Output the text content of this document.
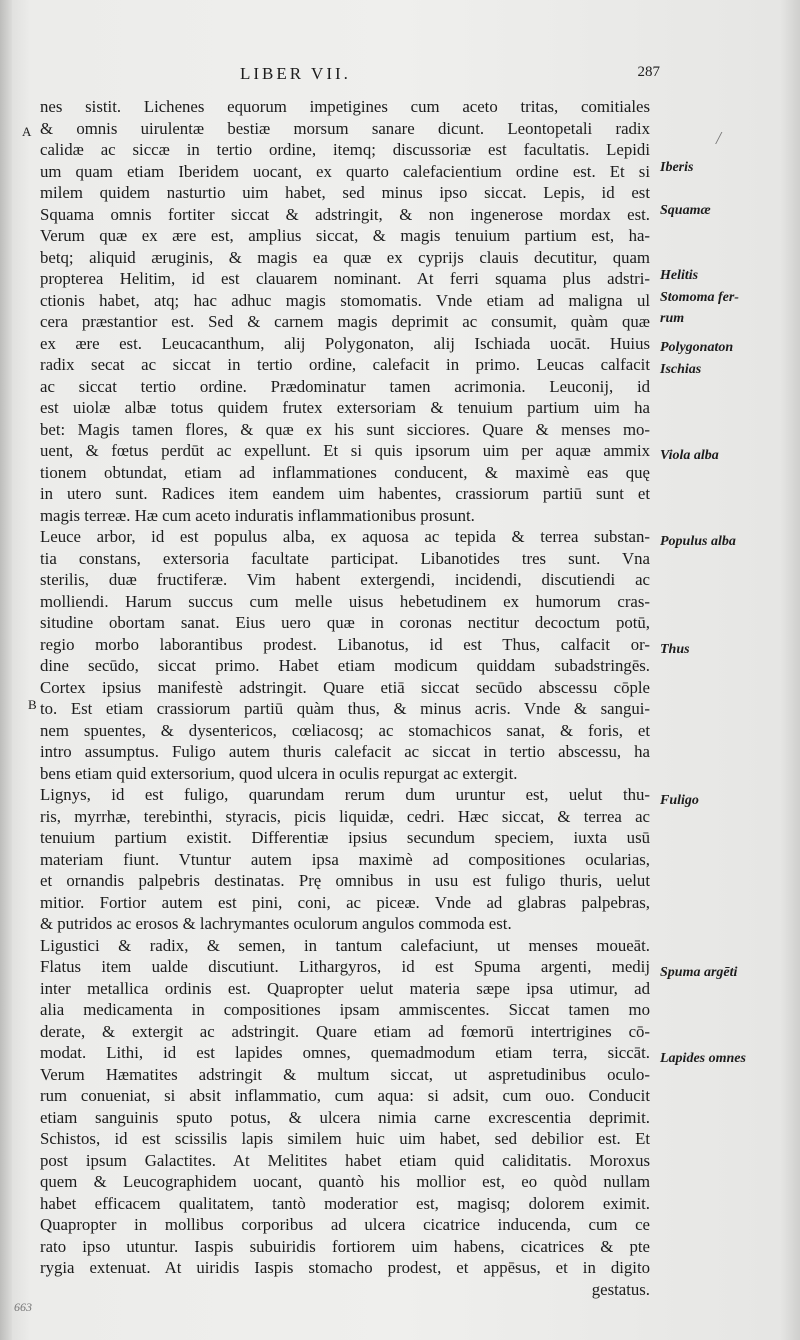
LIBER VII.	287
nes sistit. Lichenes equorum impetigines cum aceto tritas, comitiales
& omnis uirulentæ bestiæ morsum sanare dicunt. Leontopetali radix
calidæ ac siccæ in tertio ordine, itemq; discussoriæ est facultatis. Lepidi
um quam etiam Iberidem uocant, ex quarto calefacientium ordine est. Et si
milem quidem nasturtio uim habet, sed minus ipso siccat. Lepis, id est
Squama omnis fortiter siccat & adstringit, & non ingenerose mordax est.
Verum quæ ex ære est, amplius siccat, & magis tenuium partium est, ha-
betq; aliquid æruginis, & magis ea quæ ex cyprijs clauis decutitur, quam
propterea Helitim, id est clauarem nominant. At ferri squama plus adstri-
ctionis habet, atq; hac adhuc magis stomomatis. Vnde etiam ad maligna ul
cera præstantior est. Sed & carnem magis deprimit ac consumit, quàm quæ
ex ære est. Leucacanthum, alij Polygonaton, alij Ischiada uocāt. Huius
radix secat ac siccat in tertio ordine, calefacit in primo. Leucas calfacit
ac siccat tertio ordine. Prædominatur tamen acrimonia. Leuconij, id
est uiolæ albæ totus quidem frutex extersoriam & tenuium partium uim ha
bet: Magis tamen flores, & quæ ex his sunt sicciores. Quare & menses mo-
uent, & fœtus perdūt ac expellunt. Et si quis ipsorum uim per aquæ ammix
tionem obtundat, etiam ad inflammationes conducent, & maximè eas quę
in utero sunt. Radices item eandem uim habentes, crassiorum partiū sunt et
magis terreæ. Hæ cum aceto induratis inflammationibus prosunt.
Leuce arbor, id est populus alba, ex aquosa ac tepida & terrea substan-
tia constans, extersoria facultate participat. Libanotides tres sunt. Vna
sterilis, duæ fructiferæ. Vim habent extergendi, incidendi, discutiendi ac
molliendi. Harum succus cum melle uisus hebetudinem ex humorum cras-
situdine obortam sanat. Eius uero quæ in coronas nectitur decoctum potū,
regio morbo laborantibus prodest. Libanotus, id est Thus, calfacit or-
dine secūdo, siccat primo. Habet etiam modicum quiddam subadstringēs.
Cortex ipsius manifestè adstringit. Quare etiā siccat secūdo abscessu cōple
to. Est etiam crassiorum partiū quàm thus, & minus acris. Vnde & sangui-
nem spuentes, & dysentericos, cœliacosq; ac stomachicos sanat, & foris, et
intro assumptus. Fuligo autem thuris calefacit ac siccat in tertio abscessu, ha
bens etiam quid extersorium, quod ulcera in oculis repurgat ac extergit.
Lignys, id est fuligo, quarundam rerum dum uruntur est, uelut thu-
ris, myrrhæ, terebinthi, styracis, picis liquidæ, cedri. Hæc siccat, & terrea ac
tenuium partium existit. Differentiæ ipsius secundum speciem, iuxta usū
materiam fiunt. Vtuntur autem ipsa maximè ad compositiones ocularias,
et ornandis palpebris destinatas. Prę omnibus in usu est fuligo thuris, uelut
mitior. Fortior autem est pini, coni, ac piceæ. Vnde ad glabras palpebras,
& putridos ac erosos & lachrymantes oculorum angulos commoda est.
Ligustici & radix, & semen, in tantum calefaciunt, ut menses moueāt.
Flatus item ualde discutiunt. Lithargyros, id est Spuma argenti, medij
inter metallica ordinis est. Quapropter uelut materia sæpe ipsa utimur, ad
alia medicamenta in compositiones ipsam ammiscentes. Siccat tamen mo
derate, & extergit ac adstringit. Quare etiam ad fœmorū intertrigines cō-
modat. Lithi, id est lapides omnes, quemadmodum etiam terra, siccāt.
Verum Hæmatites adstringit & multum siccat, ut aspretudinibus oculo-
rum conueniat, si absit inflammatio, cum aqua: si adsit, cum ouo. Conducit
etiam sanguinis sputo potus, & ulcera nimia carne excrescentia deprimit.
Schistos, id est scissilis lapis similem huic uim habet, sed debilior est. Et
post ipsum Galactites. At Melitites habet etiam quid caliditatis. Moroxus
quem & Leucographidem uocant, quantò his mollior est, eo quòd nullam
habet efficacem qualitatem, tantò moderatior est, magisq; dolorem eximit.
Quapropter in mollibus corporibus ad ulcera cicatrice inducenda, cum ce
rato ipso utuntur. Iaspis subuiridis fortiorem uim habens, cicatrices & pte
rygia extenuat. At uiridis Iaspis stomacho prodest, et appēsus, et in digito
gestatus.
Iberis
Squamæ
Helitis
Stomoma fer-
rum
Polygonaton
Ischias
Viola alba
Populus alba
Thus
Fuligo
Spuma argēti
Lapides omnes
A
B
/
663
